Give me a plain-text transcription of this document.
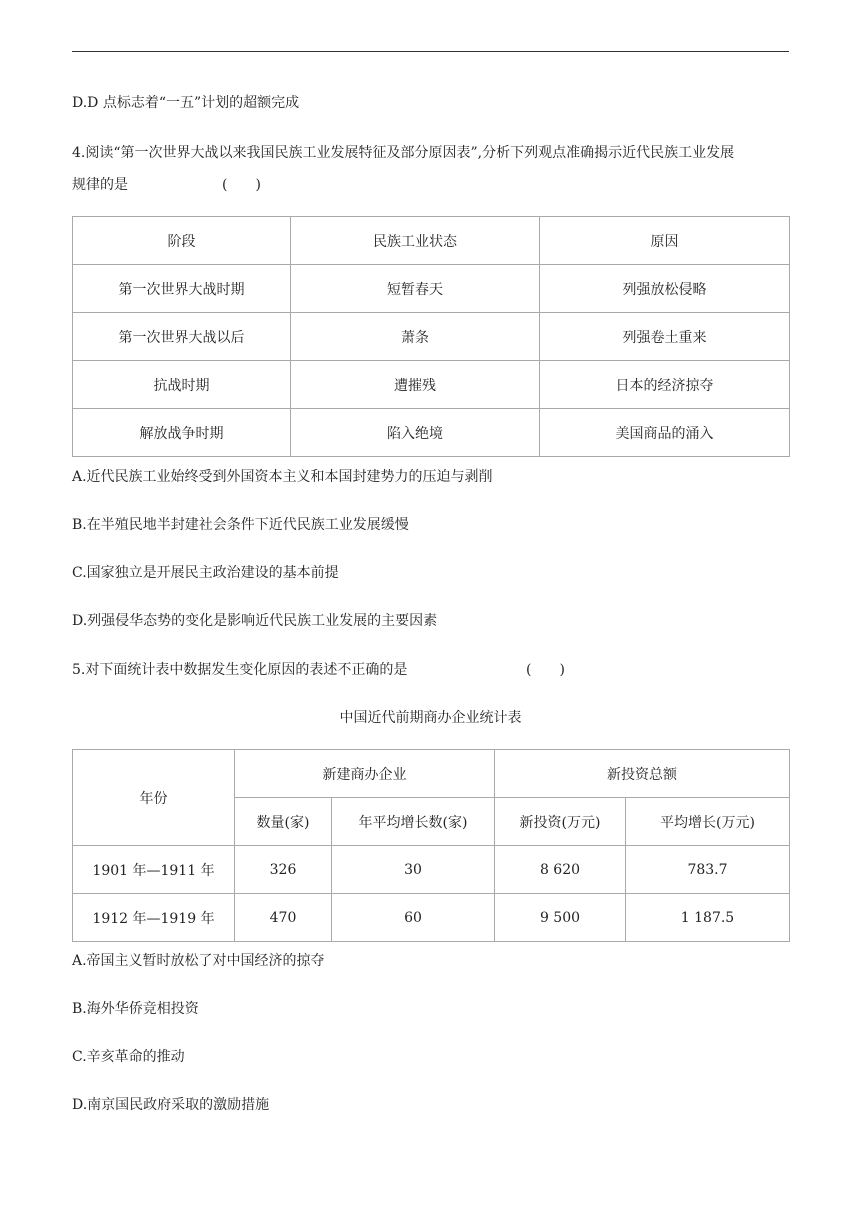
D.D 点标志着“一五”计划的超额完成
4.阅读“第一次世界大战以来我国民族工业发展特征及部分原因表”,分析下列观点准确揭示近代民族工业发展
规律的是	(　　)
阶段	民族工业状态	原因
第一次世界大战时期	短暂春天	列强放松侵略
第一次世界大战以后	萧条	列强卷土重来
抗战时期	遭摧残	日本的经济掠夺
解放战争时期	陷入绝境	美国商品的涌入
A.近代民族工业始终受到外国资本主义和本国封建势力的压迫与剥削
B.在半殖民地半封建社会条件下近代民族工业发展缓慢
C.国家独立是开展民主政治建设的基本前提
D.列强侵华态势的变化是影响近代民族工业发展的主要因素
5.对下面统计表中数据发生变化原因的表述不正确的是	(　　)
中国近代前期商办企业统计表
年份	新建商办企业		新投资总额	
	数量(家)	年平均增长数(家)	新投资(万元)	平均增长(万元)
1901 年—1911 年	326	30	8 620	783.7
1912 年—1919 年	470	60	9 500	1 187.5
A.帝国主义暂时放松了对中国经济的掠夺
B.海外华侨竞相投资
C.辛亥革命的推动
D.南京国民政府采取的激励措施
